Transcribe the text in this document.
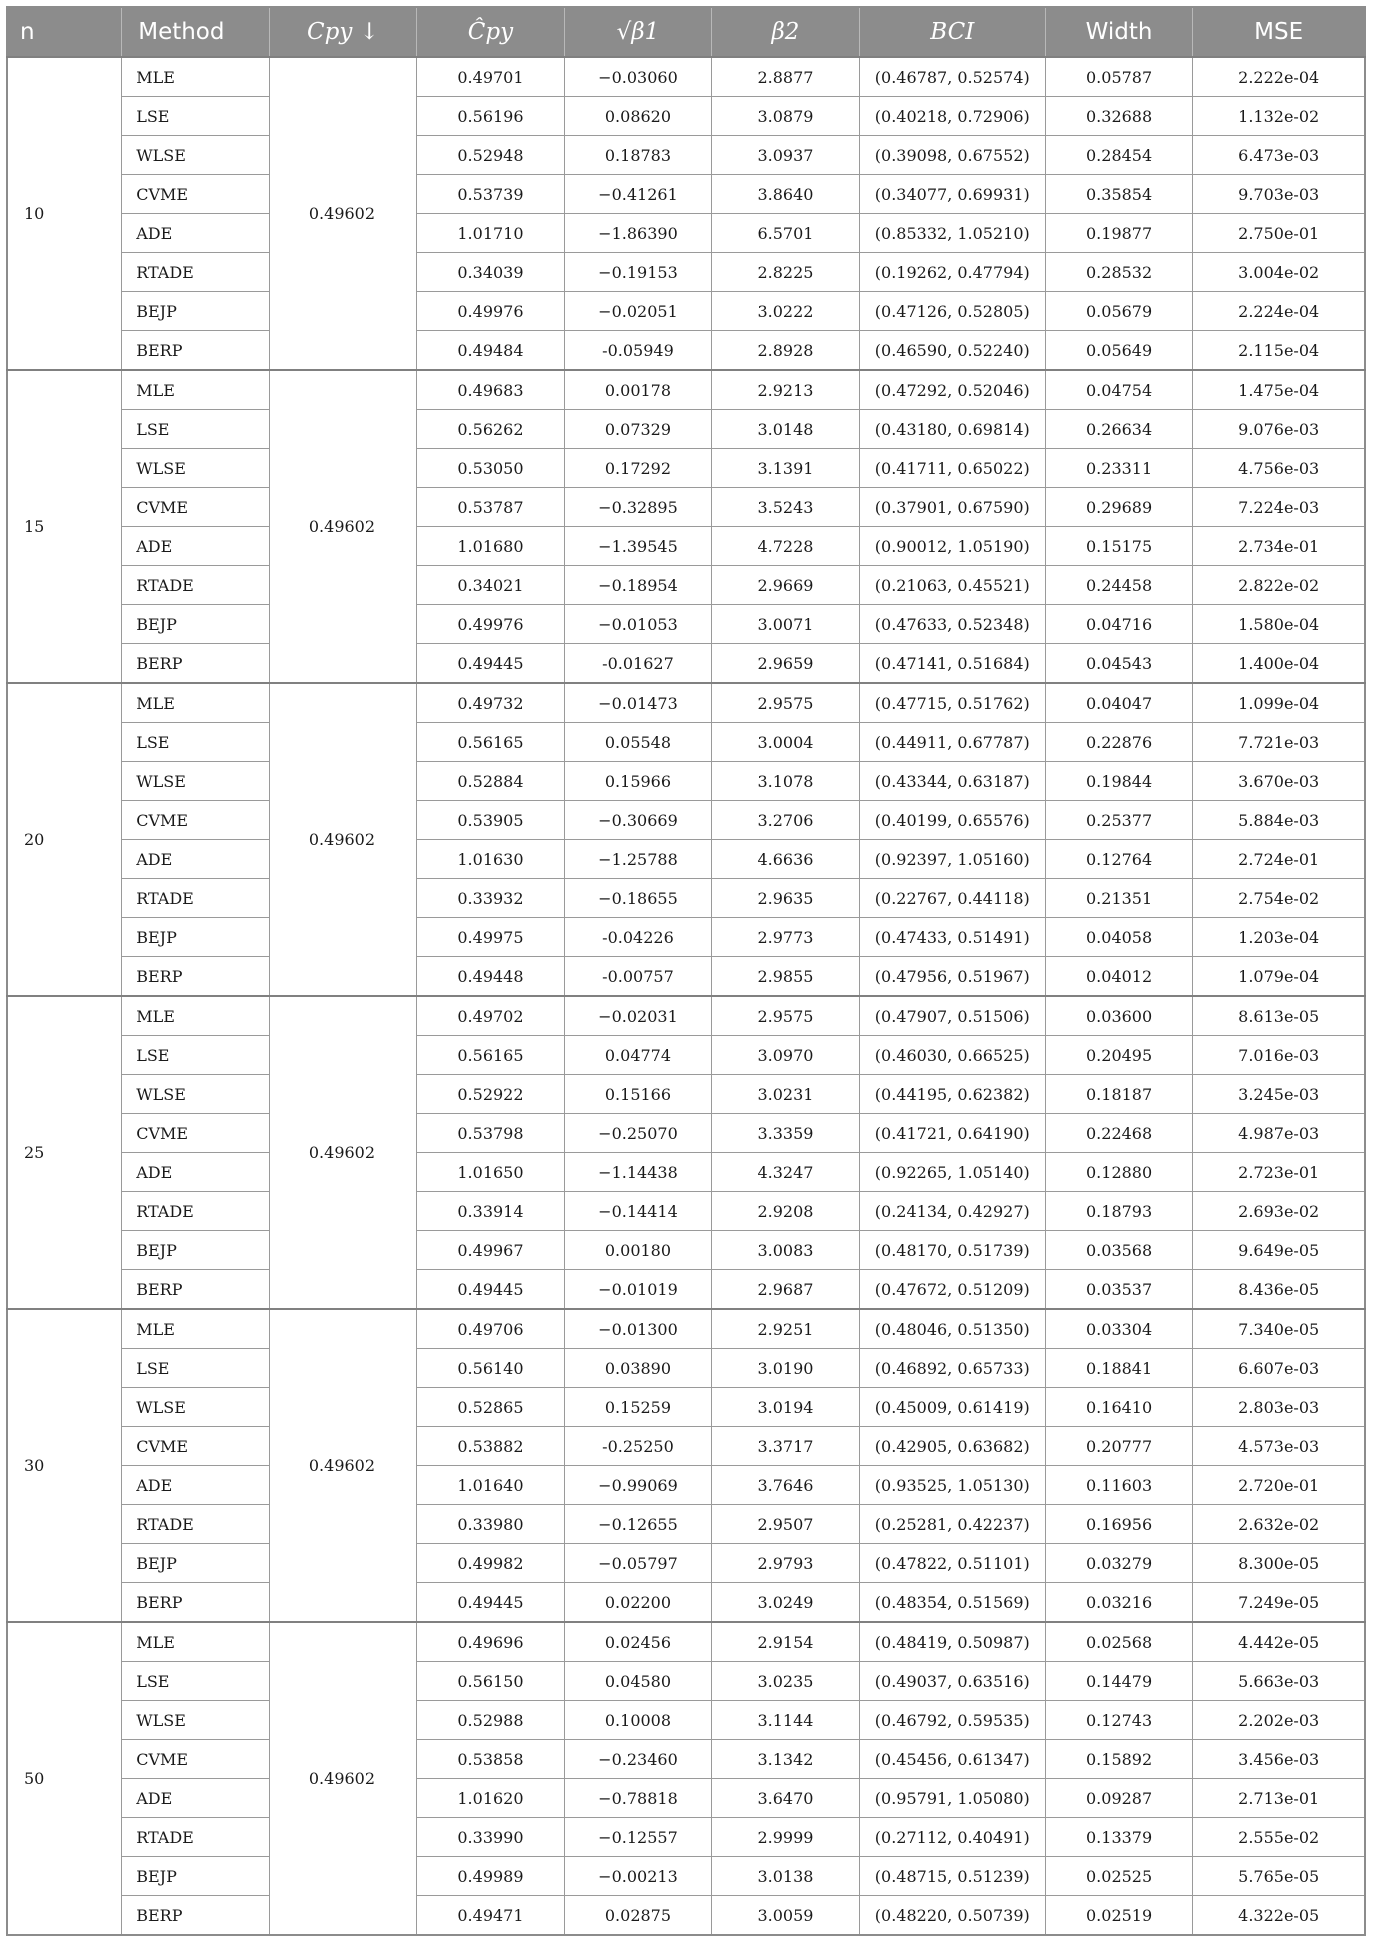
n	Method	Cpy ↓	Ĉpy	√β1	β2	BCI	Width	MSE
10	MLE	0.49602	0.49701	−0.03060	2.8877	(0.46787, 0.52574)	0.05787	2.222e-04
	LSE		0.56196	0.08620	3.0879	(0.40218, 0.72906)	0.32688	1.132e-02
	WLSE		0.52948	0.18783	3.0937	(0.39098, 0.67552)	0.28454	6.473e-03
	CVME		0.53739	−0.41261	3.8640	(0.34077, 0.69931)	0.35854	9.703e-03
	ADE		1.01710	−1.86390	6.5701	(0.85332, 1.05210)	0.19877	2.750e-01
	RTADE		0.34039	−0.19153	2.8225	(0.19262, 0.47794)	0.28532	3.004e-02
	BEJP		0.49976	−0.02051	3.0222	(0.47126, 0.52805)	0.05679	2.224e-04
	BERP		0.49484	-0.05949	2.8928	(0.46590, 0.52240)	0.05649	2.115e-04
15	MLE	0.49602	0.49683	0.00178	2.9213	(0.47292, 0.52046)	0.04754	1.475e-04
	LSE		0.56262	0.07329	3.0148	(0.43180, 0.69814)	0.26634	9.076e-03
	WLSE		0.53050	0.17292	3.1391	(0.41711, 0.65022)	0.23311	4.756e-03
	CVME		0.53787	−0.32895	3.5243	(0.37901, 0.67590)	0.29689	7.224e-03
	ADE		1.01680	−1.39545	4.7228	(0.90012, 1.05190)	0.15175	2.734e-01
	RTADE		0.34021	−0.18954	2.9669	(0.21063, 0.45521)	0.24458	2.822e-02
	BEJP		0.49976	−0.01053	3.0071	(0.47633, 0.52348)	0.04716	1.580e-04
	BERP		0.49445	-0.01627	2.9659	(0.47141, 0.51684)	0.04543	1.400e-04
20	MLE	0.49602	0.49732	−0.01473	2.9575	(0.47715, 0.51762)	0.04047	1.099e-04
	LSE		0.56165	0.05548	3.0004	(0.44911, 0.67787)	0.22876	7.721e-03
	WLSE		0.52884	0.15966	3.1078	(0.43344, 0.63187)	0.19844	3.670e-03
	CVME		0.53905	−0.30669	3.2706	(0.40199, 0.65576)	0.25377	5.884e-03
	ADE		1.01630	−1.25788	4.6636	(0.92397, 1.05160)	0.12764	2.724e-01
	RTADE		0.33932	−0.18655	2.9635	(0.22767, 0.44118)	0.21351	2.754e-02
	BEJP		0.49975	-0.04226	2.9773	(0.47433, 0.51491)	0.04058	1.203e-04
	BERP		0.49448	-0.00757	2.9855	(0.47956, 0.51967)	0.04012	1.079e-04
25	MLE	0.49602	0.49702	−0.02031	2.9575	(0.47907, 0.51506)	0.03600	8.613e-05
	LSE		0.56165	0.04774	3.0970	(0.46030, 0.66525)	0.20495	7.016e-03
	WLSE		0.52922	0.15166	3.0231	(0.44195, 0.62382)	0.18187	3.245e-03
	CVME		0.53798	−0.25070	3.3359	(0.41721, 0.64190)	0.22468	4.987e-03
	ADE		1.01650	−1.14438	4.3247	(0.92265, 1.05140)	0.12880	2.723e-01
	RTADE		0.33914	−0.14414	2.9208	(0.24134, 0.42927)	0.18793	2.693e-02
	BEJP		0.49967	0.00180	3.0083	(0.48170, 0.51739)	0.03568	9.649e-05
	BERP		0.49445	−0.01019	2.9687	(0.47672, 0.51209)	0.03537	8.436e-05
30	MLE	0.49602	0.49706	−0.01300	2.9251	(0.48046, 0.51350)	0.03304	7.340e-05
	LSE		0.56140	0.03890	3.0190	(0.46892, 0.65733)	0.18841	6.607e-03
	WLSE		0.52865	0.15259	3.0194	(0.45009, 0.61419)	0.16410	2.803e-03
	CVME		0.53882	-0.25250	3.3717	(0.42905, 0.63682)	0.20777	4.573e-03
	ADE		1.01640	−0.99069	3.7646	(0.93525, 1.05130)	0.11603	2.720e-01
	RTADE		0.33980	−0.12655	2.9507	(0.25281, 0.42237)	0.16956	2.632e-02
	BEJP		0.49982	−0.05797	2.9793	(0.47822, 0.51101)	0.03279	8.300e-05
	BERP		0.49445	0.02200	3.0249	(0.48354, 0.51569)	0.03216	7.249e-05
50	MLE	0.49602	0.49696	0.02456	2.9154	(0.48419, 0.50987)	0.02568	4.442e-05
	LSE		0.56150	0.04580	3.0235	(0.49037, 0.63516)	0.14479	5.663e-03
	WLSE		0.52988	0.10008	3.1144	(0.46792, 0.59535)	0.12743	2.202e-03
	CVME		0.53858	−0.23460	3.1342	(0.45456, 0.61347)	0.15892	3.456e-03
	ADE		1.01620	−0.78818	3.6470	(0.95791, 1.05080)	0.09287	2.713e-01
	RTADE		0.33990	−0.12557	2.9999	(0.27112, 0.40491)	0.13379	2.555e-02
	BEJP		0.49989	−0.00213	3.0138	(0.48715, 0.51239)	0.02525	5.765e-05
	BERP		0.49471	0.02875	3.0059	(0.48220, 0.50739)	0.02519	4.322e-05
